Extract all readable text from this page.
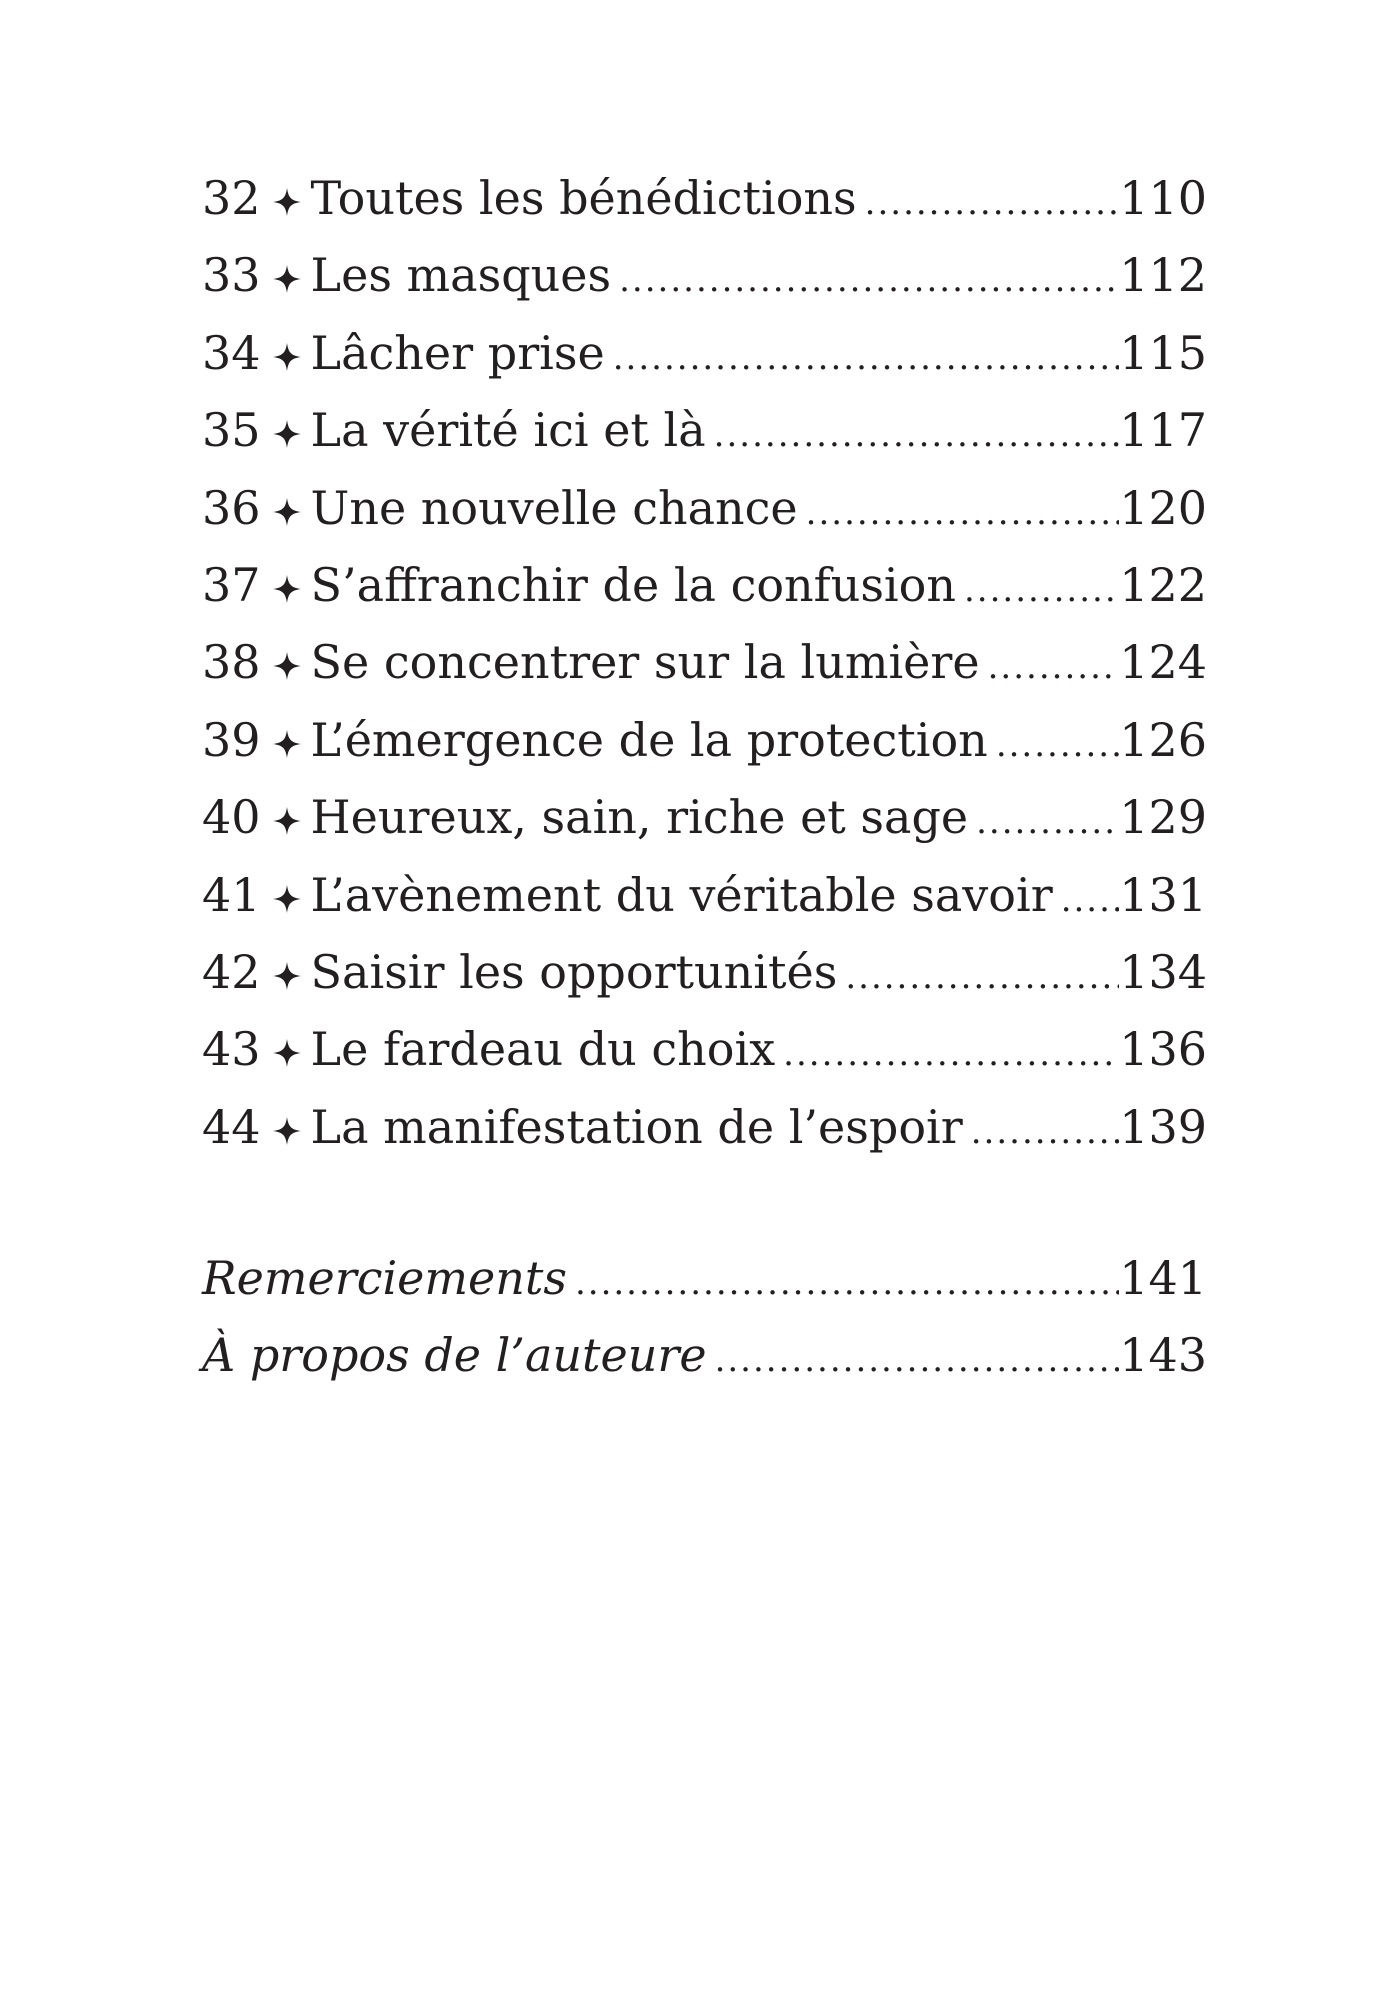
32 Toutes les bénédictions .....	110
33 Les masques .....	112
34 Lâcher prise .....	115
35 La vérité ici et là .....	117
36 Une nouvelle chance .....	120
37 S’affranchir de la confusion .....	122
38 Se concentrer sur la lumière .....	124
39 L’émergence de la protection .....	126
40 Heureux, sain, riche et sage .....	129
41 L’avènement du véritable savoir ..... 131
42 Saisir les opportunités .....	134
43 Le fardeau du choix .....	136
44 La manifestation de l’espoir .....	139
Remerciements .....	141
À propos de l’auteure .....	143
